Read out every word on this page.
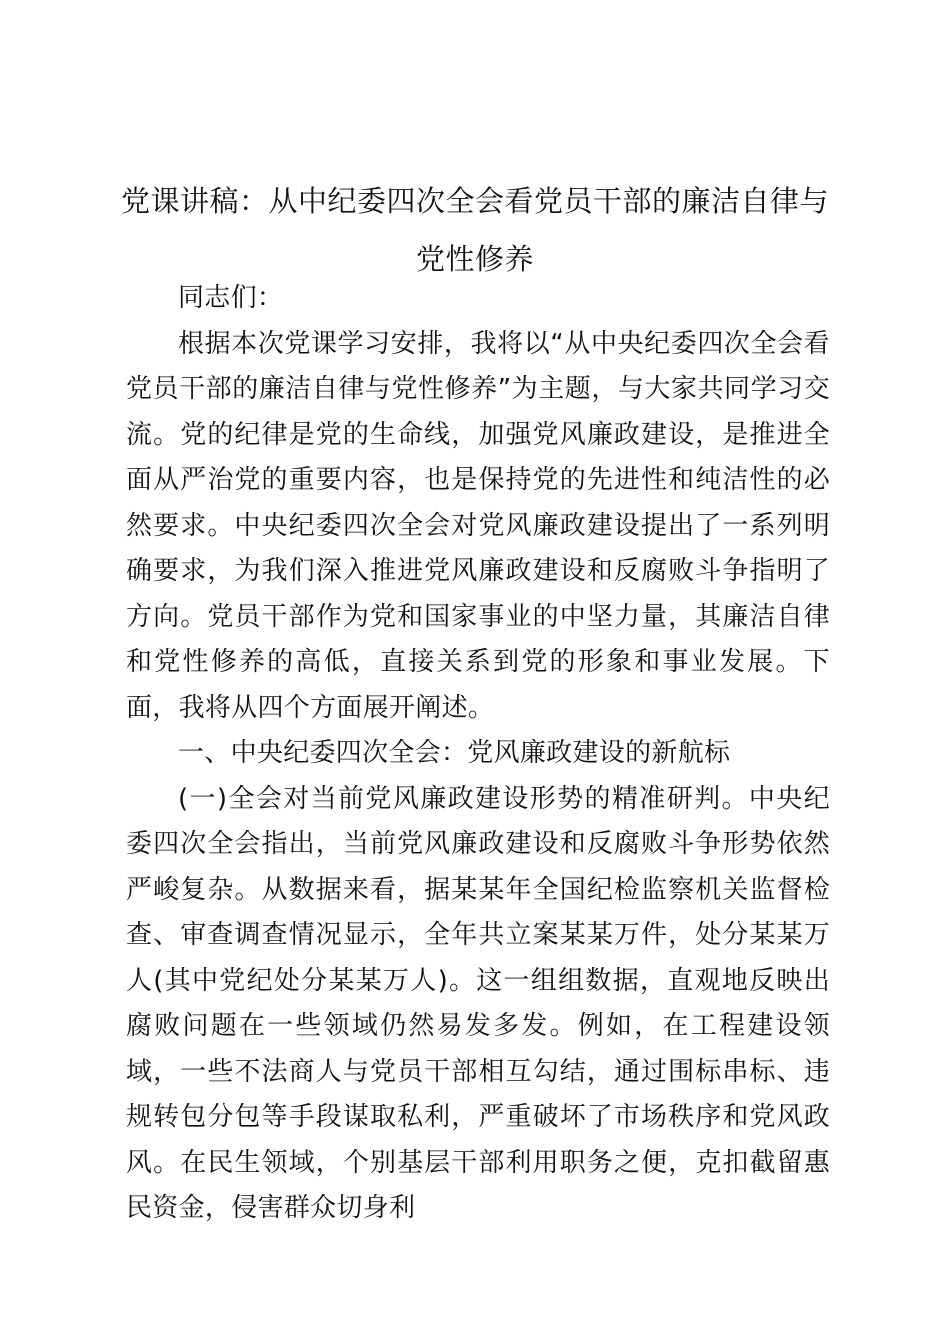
党课讲稿：从中纪委四次全会看党员干部的廉洁自律与党性修养

同志们：

根据本次党课学习安排，我将以“从中央纪委四次全会看党员干部的廉洁自律与党性修养”为主题，与大家共同学习交流。党的纪律是党的生命线，加强党风廉政建设，是推进全面从严治党的重要内容，也是保持党的先进性和纯洁性的必然要求。中央纪委四次全会对党风廉政建设提出了一系列明确要求，为我们深入推进党风廉政建设和反腐败斗争指明了方向。党员干部作为党和国家事业的中坚力量，其廉洁自律和党性修养的高低，直接关系到党的形象和事业发展。下面，我将从四个方面展开阐述。

一、中央纪委四次全会：党风廉政建设的新航标

(一)全会对当前党风廉政建设形势的精准研判。中央纪委四次全会指出，当前党风廉政建设和反腐败斗争形势依然严峻复杂。从数据来看，据某某年全国纪检监察机关监督检查、审查调查情况显示，全年共立案某某万件，处分某某万人(其中党纪处分某某万人)。这一组组数据，直观地反映出腐败问题在一些领域仍然易发多发。例如，在工程建设领域，一些不法商人与党员干部相互勾结，通过围标串标、违规转包分包等手段谋取私利，严重破坏了市场秩序和党风政风。在民生领域，个别基层干部利用职务之便，克扣截留惠民资金，侵害群众切身利
